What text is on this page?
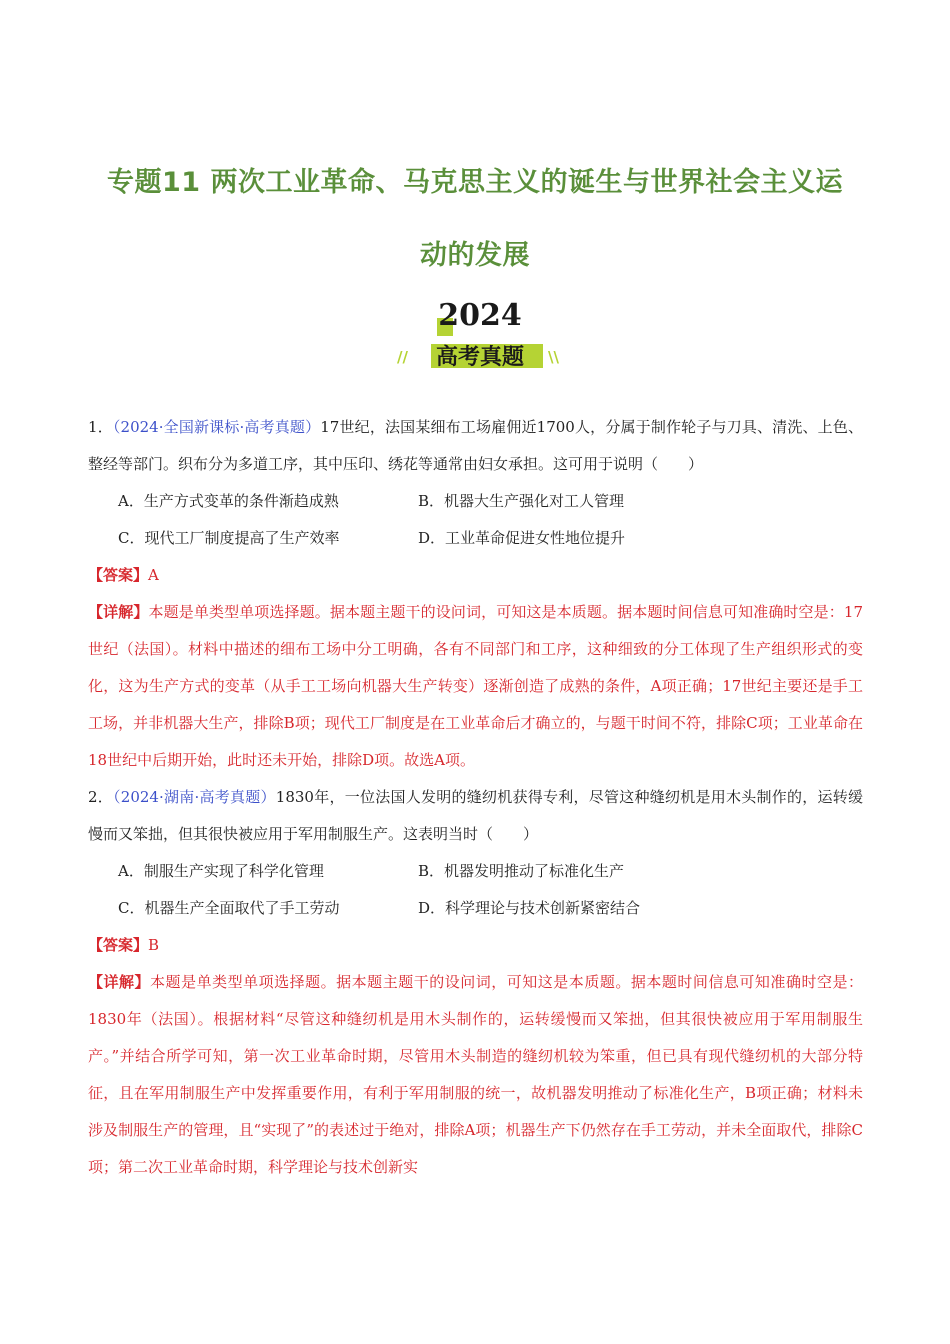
专题11 两次工业革命、马克思主义的诞生与世界社会主义运
动的发展
2024
高考真题
//	\\

1．（2024·全国新课标·高考真题）17世纪，法国某细布工场雇佣近1700人，分属于制作轮子与刀具、清洗、上色、整经等部门。织布分为多道工序，其中压印、绣花等通常由妇女承担。这可用于说明（　　）

A．生产方式变革的条件渐趋成熟	B．机器大生产强化对工人管理
C．现代工厂制度提高了生产效率	D．工业革命促进女性地位提升

【答案】A

【详解】本题是单类型单项选择题。据本题主题干的设问词，可知这是本质题。据本题时间信息可知准确时空是：17世纪（法国）。材料中描述的细布工场中分工明确，各有不同部门和工序，这种细致的分工体现了生产组织形式的变化，这为生产方式的变革（从手工工场向机器大生产转变）逐渐创造了成熟的条件，A项正确；17世纪主要还是手工工场，并非机器大生产，排除B项；现代工厂制度是在工业革命后才确立的，与题干时间不符，排除C项；工业革命在18世纪中后期开始，此时还未开始，排除D项。故选A项。

2．（2024·湖南·高考真题）1830年，一位法国人发明的缝纫机获得专利，尽管这种缝纫机是用木头制作的，运转缓慢而又笨拙，但其很快被应用于军用制服生产。这表明当时（　　）

A．制服生产实现了科学化管理	B．机器发明推动了标准化生产
C．机器生产全面取代了手工劳动	D．科学理论与技术创新紧密结合

【答案】B

【详解】本题是单类型单项选择题。据本题主题干的设问词，可知这是本质题。据本题时间信息可知准确时空是：1830年（法国）。根据材料“尽管这种缝纫机是用木头制作的，运转缓慢而又笨拙，但其很快被应用于军用制服生产。”并结合所学可知，第一次工业革命时期，尽管用木头制造的缝纫机较为笨重，但已具有现代缝纫机的大部分特征，且在军用制服生产中发挥重要作用，有利于军用制服的统一，故机器发明推动了标准化生产，B项正确；材料未涉及制服生产的管理，且“实现了”的表述过于绝对，排除A项；机器生产下仍然存在手工劳动，并未全面取代，排除C项；第二次工业革命时期，科学理论与技术创新实
